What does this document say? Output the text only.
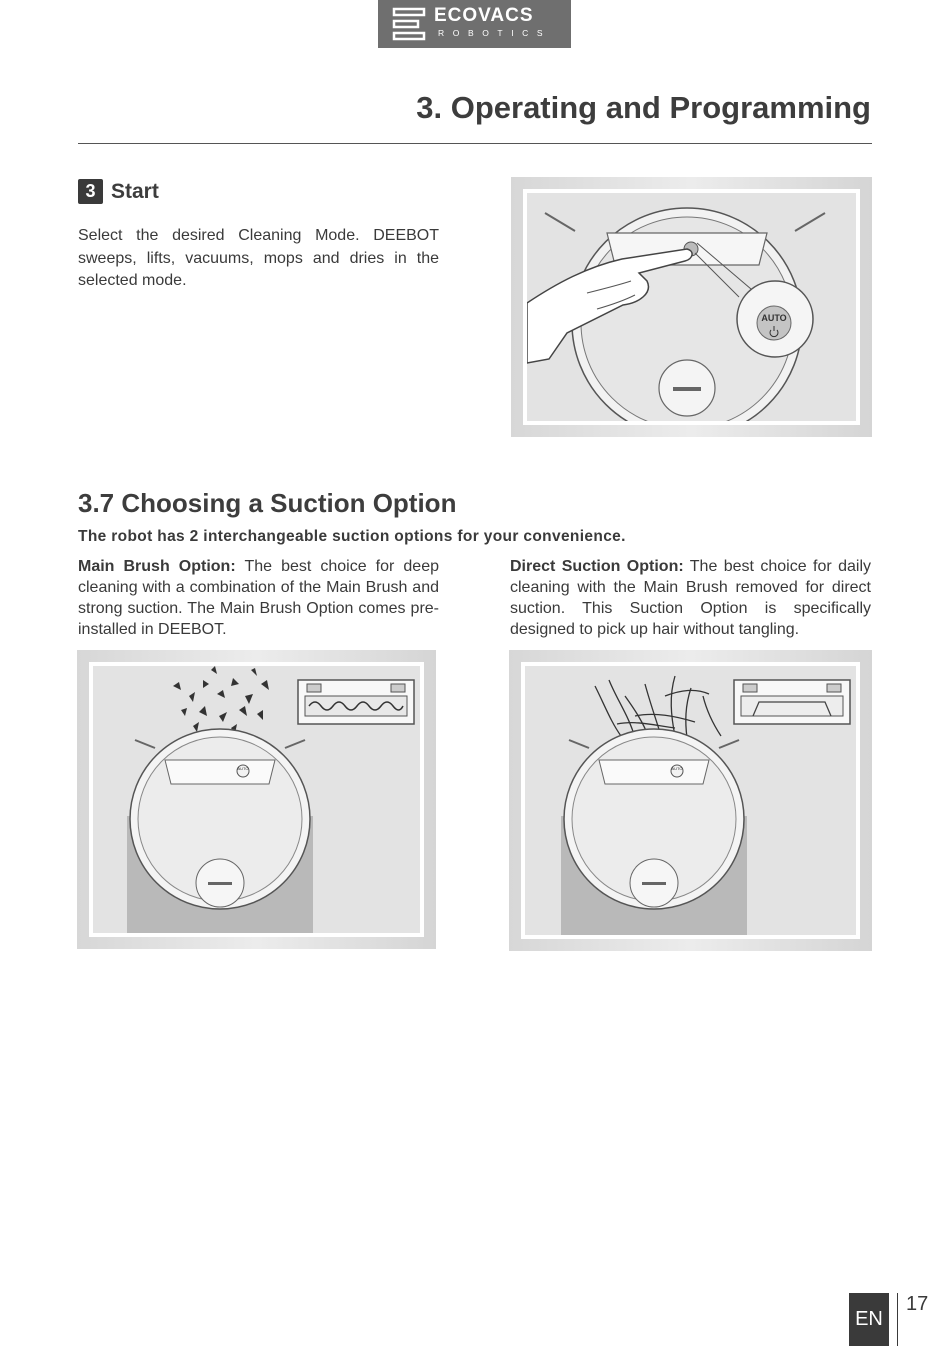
ECOVACS
ROBOTICS
3. Operating and Programming
3 Start
Select the desired Cleaning Mode. DEEBOT sweeps, lifts, vacuums, mops and dries in the selected mode.
AUTO
3.7 Choosing a Suction Option
The robot has 2 interchangeable suction options for your convenience.
Main Brush Option: The best choice for deep cleaning with a combination of the Main Brush and strong suction. The Main Brush Option comes pre-installed in DEEBOT.
Direct Suction Option: The best choice for daily cleaning with the Main Brush removed for direct suction. This Suction Option is specifically designed to pick up hair without tangling.
AUTO	AUTO
EN
17
